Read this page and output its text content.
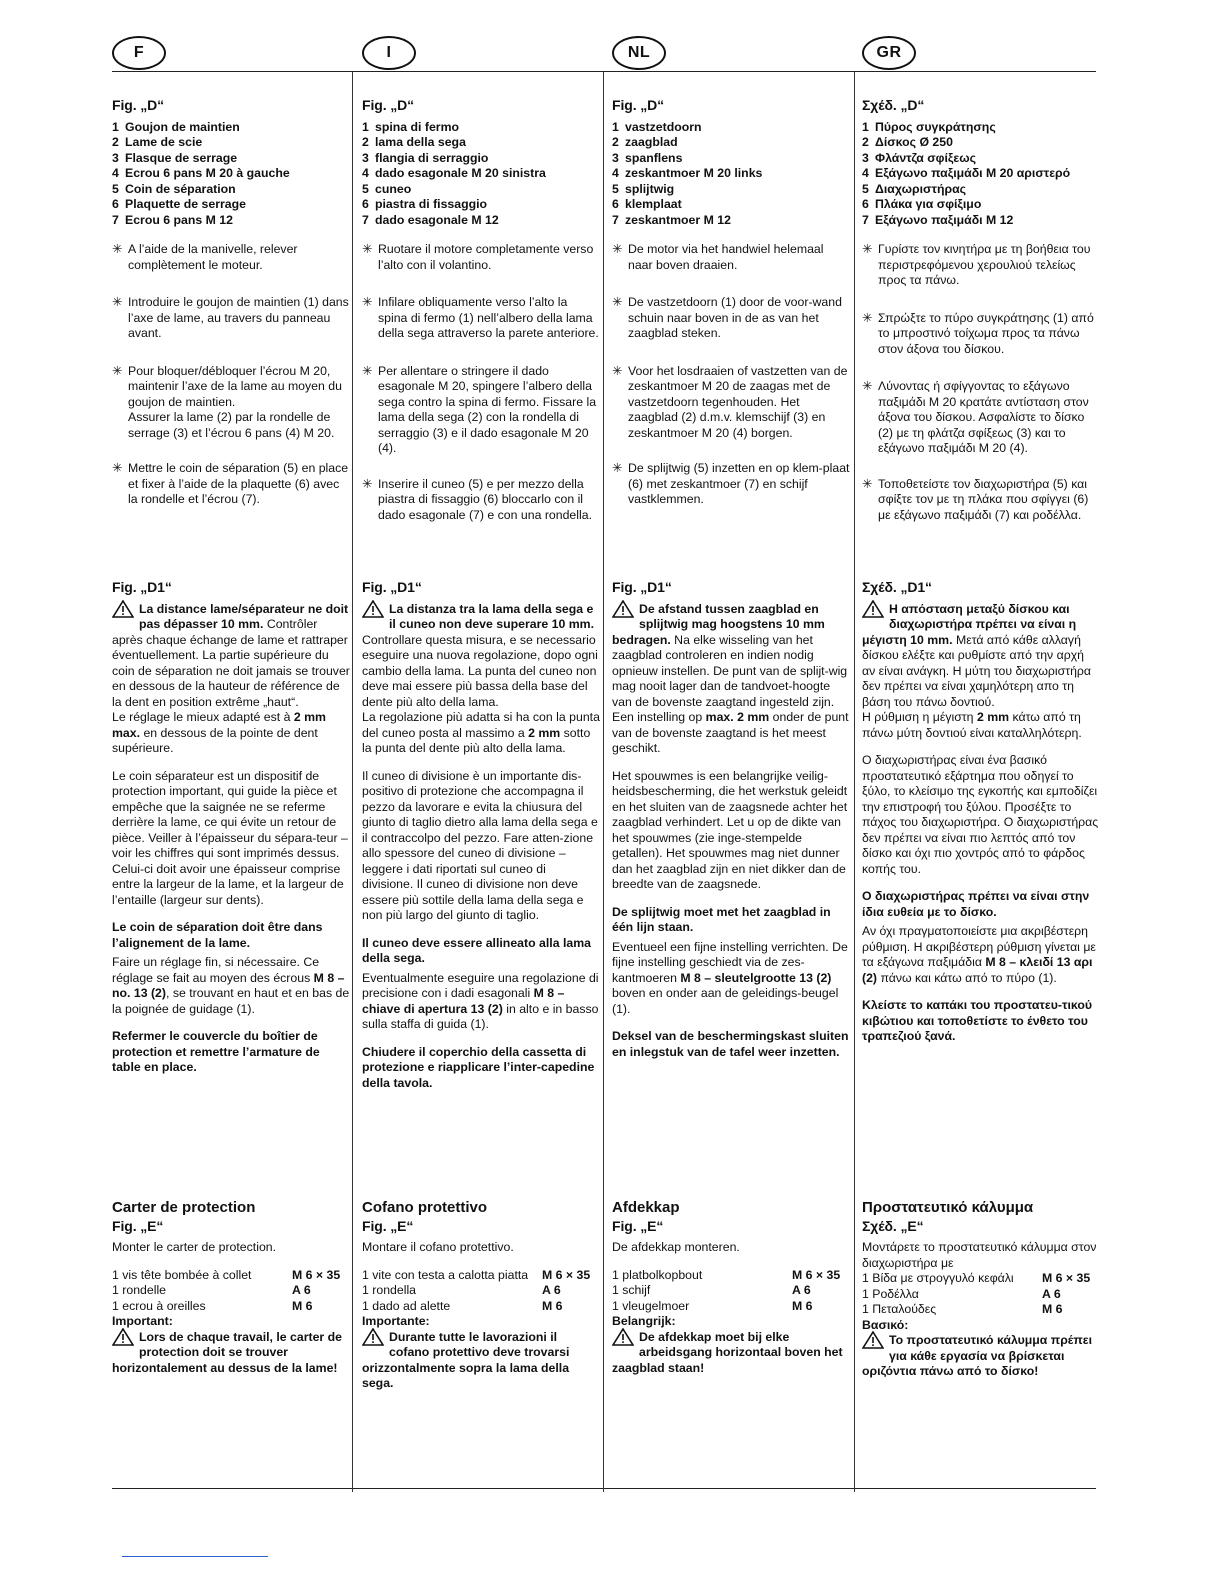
F
Fig. „D“
1 Goujon de maintien
2 Lame de scie
3 Flasque de serrage
4 Ecrou 6 pans M 20 à gauche
5 Coin de séparation
6 Plaquette de serrage
7 Ecrou 6 pans M 12
✳ A l’aide de la manivelle, relever complètement le moteur.
✳ Introduire le goujon de maintien (1) dans l’axe de lame, au travers du panneau avant.
✳ Pour bloquer/débloquer l’écrou M 20, maintenir l’axe de la lame au moyen du goujon de maintien.
Assurer la lame (2) par la rondelle de serrage (3) et l’écrou 6 pans (4) M 20.
✳ Mettre le coin de séparation (5) en place et fixer à l’aide de la plaquette (6) avec la rondelle et l’écrou (7).
Fig. „D1“
La distance lame/séparateur ne doit pas dépasser 10 mm. Contrôler après chaque échange de lame et rattraper éventuellement. La partie supérieure du coin de séparation ne doit jamais se trouver en dessous de la hauteur de référence de la dent en position extrême „haut“.

Le réglage le mieux adapté est à 2 mm max. en dessous de la pointe de dent supérieure.

Le coin séparateur est un dispositif de protection important, qui guide la pièce et empêche que la saignée ne se referme derrière la lame, ce qui évite un retour de pièce. Veiller à l’épaisseur du sépara-teur – voir les chiffres qui sont imprimés dessus. Celui-ci doit avoir une épaisseur comprise entre la largeur de la lame, et la largeur de l’entaille (largeur sur dents).

Le coin de séparation doit être dans l’alignement de la lame.

Faire un réglage fin, si nécessaire. Ce réglage se fait au moyen des écrous M 8 – no. 13 (2), se trouvant en haut et en bas de la poignée de guidage (1).

Refermer le couvercle du boîtier de protection et remettre l’armature de table en place.

Carter de protection
Fig. „E“

Monter le carter de protection.

1 vis tête bombée à collet	M 6 × 35
1 rondelle	A 6
1 ecrou à oreilles	M 6
Important:
Lors de chaque travail, le carter de protection doit se trouver horizontalement au dessus de la lame!
I
Fig. „D“
1 spina di fermo
2 lama della sega
3 flangia di serraggio
4 dado esagonale M 20 sinistra
5 cuneo
6 piastra di fissaggio
7 dado esagonale M 12
✳ Ruotare il motore completamente verso l’alto con il volantino.
✳ Infilare obliquamente verso l’alto la spina di fermo (1) nell’albero della lama della sega attraverso la parete anteriore.
✳ Per allentare o stringere il dado esagonale M 20, spingere l’albero della sega contro la spina di fermo. Fissare la lama della sega (2) con la rondella di serraggio (3) e il dado esagonale M 20 (4).
✳ Inserire il cuneo (5) e per mezzo della piastra di fissaggio (6) bloccarlo con il dado esagonale (7) e con una rondella.
Fig. „D1“
La distanza tra la lama della sega e il cuneo non deve superare 10 mm. Controllare questa misura, e se necessario eseguire una nuova regolazione, dopo ogni cambio della lama. La punta del cuneo non deve mai essere più bassa della base del dente più alto della lama.

La regolazione più adatta si ha con la punta del cuneo posta al massimo a 2 mm sotto la punta del dente più alto della lama.

Il cuneo di divisione è un importante dis-positivo di protezione che accompagna il pezzo da lavorare e evita la chiusura del giunto di taglio dietro alla lama della sega e il contraccolpo del pezzo. Fare atten-zione allo spessore del cuneo di divisione – leggere i dati riportati sul cuneo di divisione. Il cuneo di divisione non deve essere più sottile della lama della sega e non più largo del giunto di taglio.

Il cuneo deve essere allineato alla lama della sega.

Eventualmente eseguire una regolazione di precisione con i dadi esagonali M 8 – chiave di apertura 13 (2) in alto e in basso sulla staffa di guida (1).

Chiudere il coperchio della cassetta di protezione e riapplicare l’inter-capedine della tavola.

Cofano protettivo
Fig. „E“

Montare il cofano protettivo.

1 vite con testa a calotta piatta	M 6 × 35
1 rondella	A 6
1 dado ad alette	M 6
Importante:
Durante tutte le lavorazioni il cofano protettivo deve trovarsi orizzontalmente sopra la lama della sega.
NL
Fig. „D“
1 vastzetdoorn
2 zaagblad
3 spanflens
4 zeskantmoer M 20 links
5 splijtwig
6 klemplaat
7 zeskantmoer M 12
✳ De motor via het handwiel helemaal naar boven draaien.
✳ De vastzetdoorn (1) door de voor-wand schuin naar boven in de as van het zaagblad steken.
✳ Voor het losdraaien of vastzetten van de zeskantmoer M 20 de zaagas met de vastzetdoorn tegenhouden. Het zaagblad (2) d.m.v. klemschijf (3) en zeskantmoer M 20 (4) borgen.
✳ De splijtwig (5) inzetten en op klem-plaat (6) met zeskantmoer (7) en schijf vastklemmen.
Fig. „D1“
De afstand tussen zaagblad en splijtwig mag hoogstens 10 mm bedragen. Na elke wisseling van het zaagblad controleren en indien nodig opnieuw instellen. De punt van de splijt-wig mag nooit lager dan de tandvoet-hoogte van de bovenste zaagtand ingesteld zijn.

Een instelling op max. 2 mm onder de punt van de bovenste zaagtand is het meest geschikt.

Het spouwmes is een belangrijke veilig-heidsbescherming, die het werkstuk geleidt en het sluiten van de zaagsnede achter het zaagblad verhindert. Let u op de dikte van het spouwmes (zie inge-stempelde getallen). Het spouwmes mag niet dunner dan het zaagblad zijn en niet dikker dan de breedte van de zaagsnede.

De splijtwig moet met het zaagblad in één lijn staan.

Eventueel een fijne instelling verrichten. De fijne instelling geschiedt via de zes-kantmoeren M 8 – sleutelgrootte 13 (2) boven en onder aan de geleidings-beugel (1).

Deksel van de beschermingskast sluiten en inlegstuk van de tafel weer inzetten.

Afdekkap
Fig. „E“

De afdekkap monteren.

1 platbolkopbout	M 6 × 35
1 schijf	A 6
1 vleugelmoer	M 6
Belangrijk:
De afdekkap moet bij elke arbeidsgang horizontaal boven het zaagblad staan!
GR
Σχέδ. „D“
1 Πύρος συγκράτησης
2 Δίσκος Ø 250
3 Φλάντζα σφίξεως
4 Εξάγωνο παξιμάδι Μ 20 αριστερό
5 Διαχωριστήρας
6 Πλάκα για σφίξιμο
7 Εξάγωνο παξιμάδι Μ 12
✳ Γυρίστε τον κινητήρα με τη βοήθεια του περιστρεφόμενου χερουλιού τελείως προς τα πάνω.
✳ Σπρώξτε το πύρο συγκράτησης (1) από το μπροστινό τοίχωμα προς τα πάνω στον άξονα του δίσκου.
✳ Λύνοντας ή σφίγγοντας το εξάγωνο παξιμάδι Μ 20 κρατάτε αντίσταση στον άξονα του δίσκου. Ασφαλίστε το δίσκο (2) με τη φλάτζα σφίξεως (3) και το εξάγωνο παξιμάδι Μ 20 (4).
✳ Τοποθετείστε τον διαχωριστήρα (5) και σφίξτε τον με τη πλάκα που σφίγγει (6) με εξάγωνο παξιμάδι (7) και ροδέλλα.
Σχέδ. „D1“
Η απόσταση μεταξύ δίσκου και διαχωριστήρα πρέπει να είναι η μέγιστη 10 mm. Μετά από κάθε αλλαγή δίσκου ελέξτε και ρυθμίστε από την αρχή αν είναι ανάγκη. Η μύτη του διαχωριστήρα δεν πρέπει να είναι χαμηλότερη απο τη βάση του πάνω δοντιού.

Η ρύθμιση η μέγιστη 2 mm κάτω από τη πάνω μύτη δοντιού είναι καταλληλότερη.

Ο διαχωριστήρας είναι ένα βασικό προστατευτικό εξάρτημα που οδηγεί το ξύλο, το κλείσιμο της εγκοπής και εμποδίζει την επιστροφή του ξύλου. Προσέξτε το πάχος του διαχωριστήρα. Ο διαχωριστήρας δεν πρέπει να είναι πιο λεπτός από τον δίσκο και όχι πιο χοντρός από το φάρδος κοπής του.

Ο διαχωριστήρας πρέπει να είναι στην ίδια ευθεία με το δίσκο.

Αν όχι πραγματοποιείστε μια ακριβέστερη ρύθμιση. Η ακριβέστερη ρύθμιση γίνεται με τα εξάγωνα παξιμάδια Μ 8 – κλειδί 13 αρι (2) πάνω και κάτω από το πύρο (1).

Κλείστε το καπάκι του προστατευ-τικού κιβώτιου και τοποθετίστε το ένθετο του τραπεζιού ξανά.

Προστατευτικό κάλυμμα
Σχέδ. „E“

Μοντάρετε το προστατευτικό κάλυμμα στον διαχωριστήρα με

1 Βίδα με στρογγυλό κεφάλι	M 6 × 35
1 Ροδέλλα	A 6
1 Πεταλούδες	M 6
Βασικό:
Το προστατευτικό κάλυμμα πρέπει για κάθε εργασία να βρίσκεται οριζόντια πάνω από το δίσκο!
